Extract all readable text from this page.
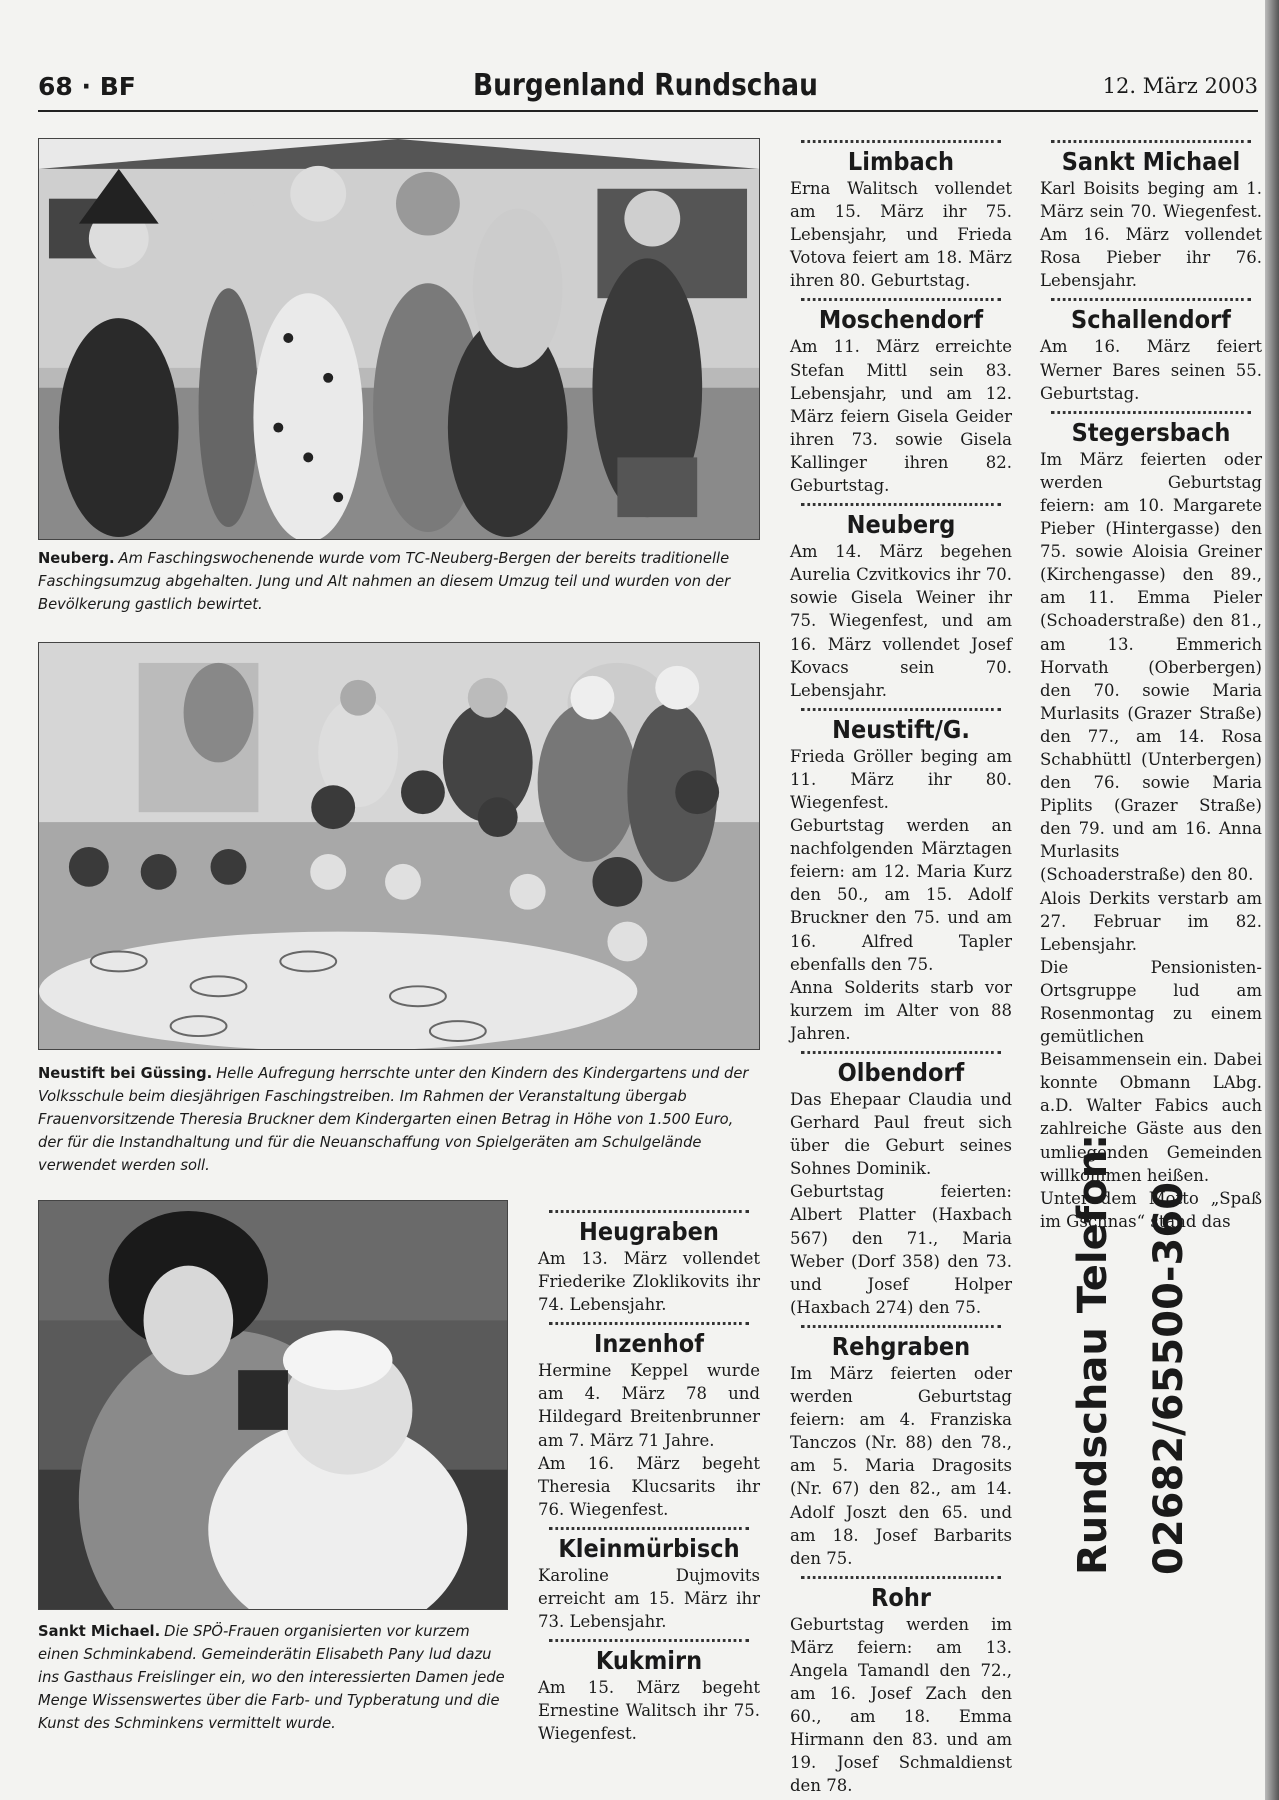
68 · BF	Burgenland Rundschau	12. März 2003
Neuberg. Am Faschingswochenende wurde vom TC-Neuberg-Bergen der bereits traditionelle Faschingsumzug abgehalten. Jung und Alt nahmen an diesem Umzug teil und wurden von der Bevölkerung gastlich bewirtet.
Neustift bei Güssing. Helle Aufregung herrschte unter den Kindern des Kindergartens und der Volksschule beim diesjährigen Faschingstreiben. Im Rahmen der Veranstaltung übergab Frauenvorsitzende Theresia Bruckner dem Kindergarten einen Betrag in Höhe von 1.500 Euro, der für die Instandhaltung und für die Neuanschaffung von Spielgeräten am Schulgelände verwendet werden soll.
Sankt Michael. Die SPÖ-Frauen organisierten vor kurzem einen Schminkabend. Gemeinderätin Elisabeth Pany lud dazu ins Gasthaus Freislinger ein, wo den interessierten Damen jede Menge Wissenswertes über die Farb- und Typberatung und die Kunst des Schminkens vermittelt wurde.
Heugraben

Am 13. März vollendet Friederike Zloklikovits ihr 74. Lebensjahr.

Inzenhof

Hermine Keppel wurde am 4. März 78 und Hildegard Breitenbrunner am 7. März 71 Jahre.

Am 16. März begeht Theresia Klucsarits ihr 76. Wiegenfest.

Kleinmürbisch

Karoline Dujmovits erreicht am 15. März ihr 73. Lebensjahr.

Kukmirn

Am 15. März begeht Ernestine Walitsch ihr 75. Wiegenfest.

Limbach

Erna Walitsch vollendet am 15. März ihr 75. Lebensjahr, und Frieda Votova feiert am 18. März ihren 80. Geburtstag.

Moschendorf

Am 11. März erreichte Stefan Mittl sein 83. Lebensjahr, und am 12. März feiern Gisela Geider ihren 73. sowie Gisela Kallinger ihren 82. Geburtstag.

Neuberg

Am 14. März begehen Aurelia Czvitkovics ihr 70. sowie Gisela Weiner ihr 75. Wiegenfest, und am 16. März vollendet Josef Kovacs sein 70. Lebensjahr.

Neustift/G.

Frieda Gröller beging am 11. März ihr 80. Wiegenfest.

Geburtstag werden an nachfolgenden Märztagen feiern: am 12. Maria Kurz den 50., am 15. Adolf Bruckner den 75. und am 16. Alfred Tapler ebenfalls den 75.

Anna Solderits starb vor kurzem im Alter von 88 Jahren.

Olbendorf

Das Ehepaar Claudia und Gerhard Paul freut sich über die Geburt seines Sohnes Dominik.

Geburtstag feierten: Albert Platter (Haxbach 567) den 71., Maria Weber (Dorf 358) den 73. und Josef Holper (Haxbach 274) den 75.

Rehgraben

Im März feierten oder werden Geburtstag feiern: am 4. Franziska Tanczos (Nr. 88) den 78., am 5. Maria Dragosits (Nr. 67) den 82., am 14. Adolf Joszt den 65. und am 18. Josef Barbarits den 75.

Rohr

Geburtstag werden im März feiern: am 13. Angela Tamandl den 72., am 16. Josef Zach den 60., am 18. Emma Hirmann den 83. und am 19. Josef Schmaldienst den 78.

Sankt Michael

Karl Boisits beging am 1. März sein 70. Wiegenfest. Am 16. März vollendet Rosa Pieber ihr 76. Lebensjahr.

Schallendorf

Am 16. März feiert Werner Bares seinen 55. Geburtstag.

Stegersbach

Im März feierten oder werden Geburtstag feiern: am 10. Margarete Pieber (Hintergasse) den 75. sowie Aloisia Greiner (Kirchengasse) den 89., am 11. Emma Pieler (Schoaderstraße) den 81., am 13. Emmerich Horvath (Oberbergen) den 70. sowie Maria Murlasits (Grazer Straße) den 77., am 14. Rosa Schabhüttl (Unterbergen) den 76. sowie Maria Piplits (Grazer Straße) den 79. und am 16. Anna Murlasits (Schoaderstraße) den 80.

Alois Derkits verstarb am 27. Februar im 82. Lebensjahr.

Die Pensionisten-Ortsgruppe lud am Rosenmontag zu einem gemütlichen Beisammensein ein. Dabei konnte Obmann LAbg. a.D. Walter Fabics auch zahlreiche Gäste aus den umliegenden Gemeinden willkommen heißen.

Unter dem Motto „Spaß im Gschnas“ stand das

Rundschau Telefon: 02682/65500-360
